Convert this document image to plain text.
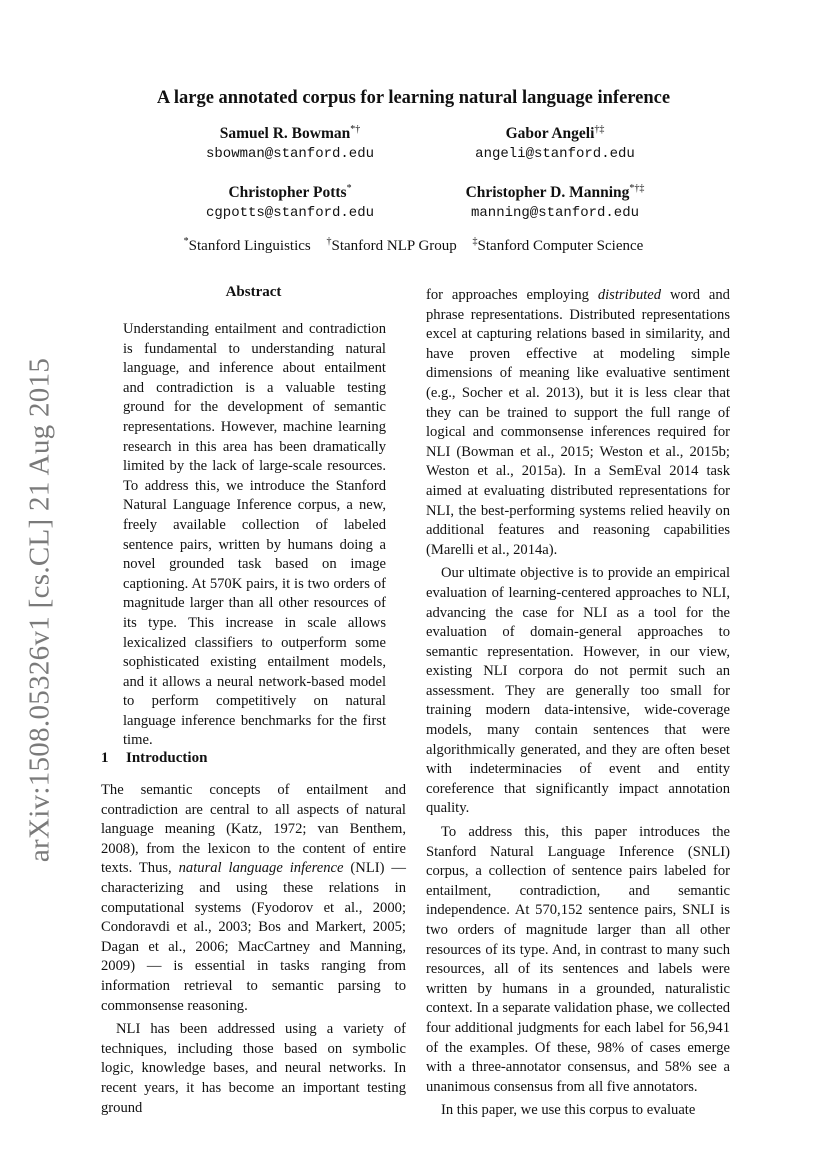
arXiv:1508.05326v1 [cs.CL] 21 Aug 2015
A large annotated corpus for learning natural language inference
Samuel R. Bowman*†
sbowman@stanford.edu
Gabor Angeli†‡
angeli@stanford.edu
Christopher Potts*
cgpotts@stanford.edu
Christopher D. Manning*†‡
manning@stanford.edu
*Stanford Linguistics †Stanford NLP Group ‡Stanford Computer Science
Abstract

Understanding entailment and contradiction is fundamental to understanding natural language, and inference about entailment and contradiction is a valuable testing ground for the development of semantic representations. However, machine learning research in this area has been dramatically limited by the lack of large-scale resources. To address this, we introduce the Stanford Natural Language Inference corpus, a new, freely available collection of labeled sentence pairs, written by humans doing a novel grounded task based on image captioning. At 570K pairs, it is two orders of magnitude larger than all other resources of its type. This increase in scale allows lexicalized classifiers to outperform some sophisticated existing entailment models, and it allows a neural network-based model to perform competitively on natural language inference benchmarks for the first time.

1 Introduction

The semantic concepts of entailment and contradiction are central to all aspects of natural language meaning (Katz, 1972; van Benthem, 2008), from the lexicon to the content of entire texts. Thus, natural language inference (NLI) — characterizing and using these relations in computational systems (Fyodorov et al., 2000; Condoravdi et al., 2003; Bos and Markert, 2005; Dagan et al., 2006; MacCartney and Manning, 2009) — is essential in tasks ranging from information retrieval to semantic parsing to commonsense reasoning.

NLI has been addressed using a variety of techniques, including those based on symbolic logic, knowledge bases, and neural networks. In recent years, it has become an important testing ground

for approaches employing distributed word and phrase representations. Distributed representations excel at capturing relations based in similarity, and have proven effective at modeling simple dimensions of meaning like evaluative sentiment (e.g., Socher et al. 2013), but it is less clear that they can be trained to support the full range of logical and commonsense inferences required for NLI (Bowman et al., 2015; Weston et al., 2015b; Weston et al., 2015a). In a SemEval 2014 task aimed at evaluating distributed representations for NLI, the best-performing systems relied heavily on additional features and reasoning capabilities (Marelli et al., 2014a).

Our ultimate objective is to provide an empirical evaluation of learning-centered approaches to NLI, advancing the case for NLI as a tool for the evaluation of domain-general approaches to semantic representation. However, in our view, existing NLI corpora do not permit such an assessment. They are generally too small for training modern data-intensive, wide-coverage models, many contain sentences that were algorithmically generated, and they are often beset with indeterminacies of event and entity coreference that significantly impact annotation quality.

To address this, this paper introduces the Stanford Natural Language Inference (SNLI) corpus, a collection of sentence pairs labeled for entailment, contradiction, and semantic independence. At 570,152 sentence pairs, SNLI is two orders of magnitude larger than all other resources of its type. And, in contrast to many such resources, all of its sentences and labels were written by humans in a grounded, naturalistic context. In a separate validation phase, we collected four additional judgments for each label for 56,941 of the examples. Of these, 98% of cases emerge with a three-annotator consensus, and 58% see a unanimous consensus from all five annotators.

In this paper, we use this corpus to evaluate
